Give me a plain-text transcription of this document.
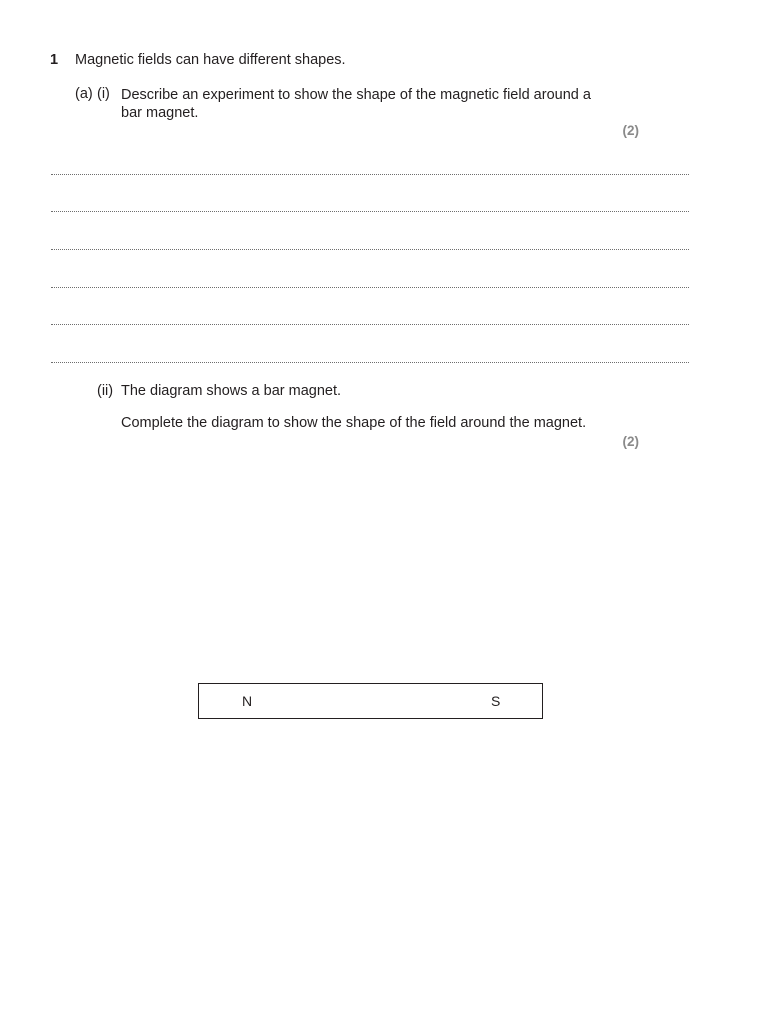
1 Magnetic fields can have different shapes.
(a) (i) Describe an experiment to show the shape of the magnetic field around a bar magnet.
(2)
(ii) The diagram shows a bar magnet.
Complete the diagram to show the shape of the field around the magnet.
(2)
N	S
